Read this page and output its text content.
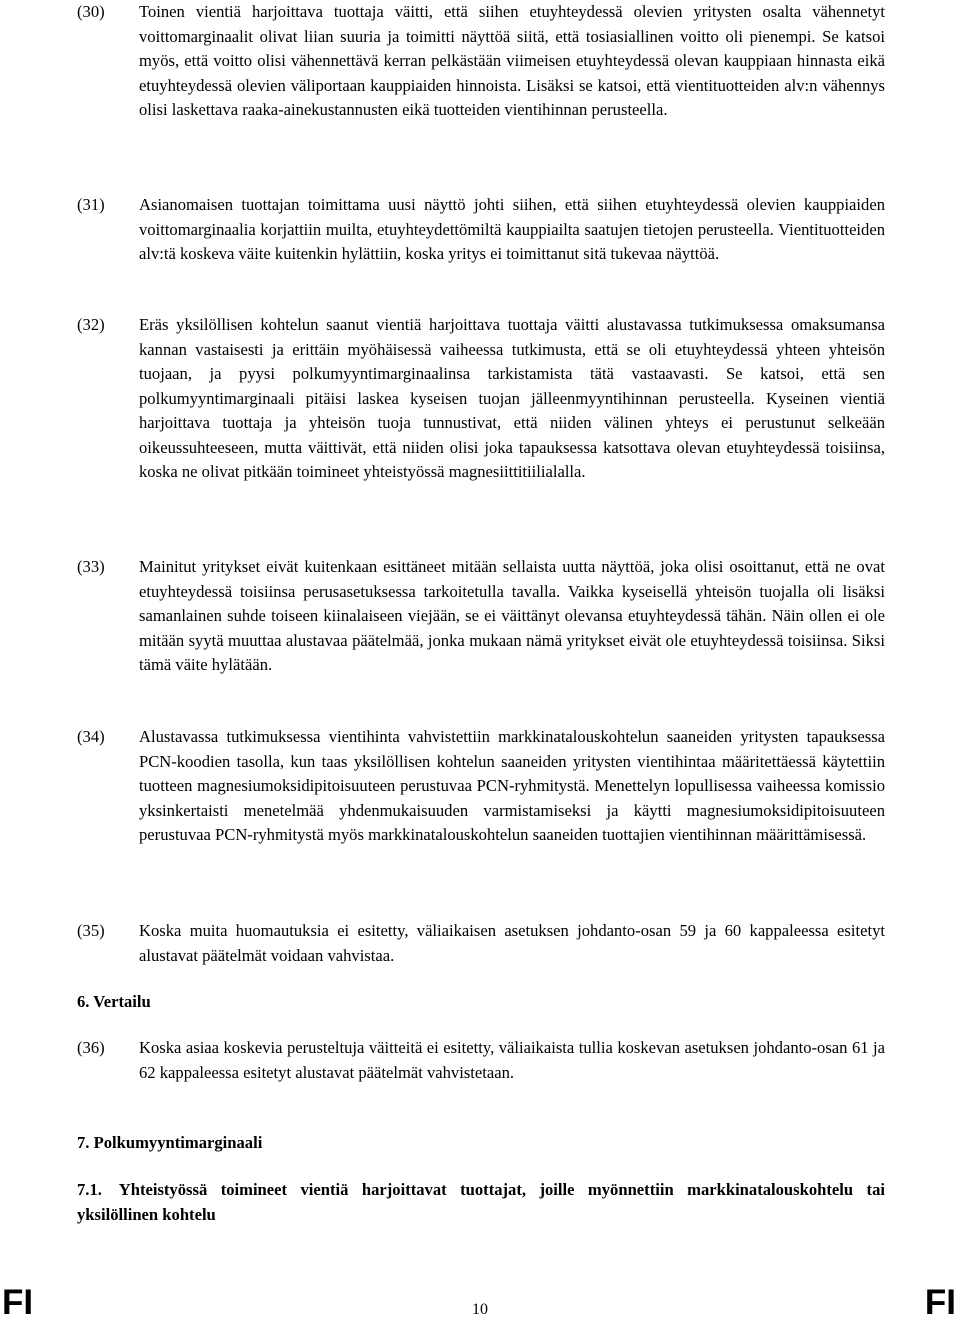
(30)	Toinen vientiä harjoittava tuottaja väitti, että siihen etuyhteydessä olevien yritysten osalta vähennetyt voittomarginaalit olivat liian suuria ja toimitti näyttöä siitä, että tosiasiallinen voitto oli pienempi. Se katsoi myös, että voitto olisi vähennettävä kerran pelkästään viimeisen etuyhteydessä olevan kauppiaan hinnasta eikä etuyhteydessä olevien väliportaan kauppiaiden hinnoista. Lisäksi se katsoi, että vientituotteiden alv:n vähennys olisi laskettava raaka-ainekustannusten eikä tuotteiden vientihinnan perusteella.
(31)	Asianomaisen tuottajan toimittama uusi näyttö johti siihen, että siihen etuyhteydessä olevien kauppiaiden voittomarginaalia korjattiin muilta, etuyhteydettömiltä kauppiailta saatujen tietojen perusteella. Vientituotteiden alv:tä koskeva väite kuitenkin hylättiin, koska yritys ei toimittanut sitä tukevaa näyttöä.
(32)	Eräs yksilöllisen kohtelun saanut vientiä harjoittava tuottaja väitti alustavassa tutkimuksessa omaksumansa kannan vastaisesti ja erittäin myöhäisessä vaiheessa tutkimusta, että se oli etuyhteydessä yhteen yhteisön tuojaan, ja pyysi polkumyyntimarginaalinsa tarkistamista tätä vastaavasti. Se katsoi, että sen polkumyyntimarginaali pitäisi laskea kyseisen tuojan jälleenmyyntihinnan perusteella. Kyseinen vientiä harjoittava tuottaja ja yhteisön tuoja tunnustivat, että niiden välinen yhteys ei perustunut selkeään oikeussuhteeseen, mutta väittivät, että niiden olisi joka tapauksessa katsottava olevan etuyhteydessä toisiinsa, koska ne olivat pitkään toimineet yhteistyössä magnesiittitiilialalla.
(33)	Mainitut yritykset eivät kuitenkaan esittäneet mitään sellaista uutta näyttöä, joka olisi osoittanut, että ne ovat etuyhteydessä toisiinsa perusasetuksessa tarkoitetulla tavalla. Vaikka kyseisellä yhteisön tuojalla oli lisäksi samanlainen suhde toiseen kiinalaiseen viejään, se ei väittänyt olevansa etuyhteydessä tähän. Näin ollen ei ole mitään syytä muuttaa alustavaa päätelmää, jonka mukaan nämä yritykset eivät ole etuyhteydessä toisiinsa. Siksi tämä väite hylätään.
(34)	Alustavassa tutkimuksessa vientihinta vahvistettiin markkinatalouskohtelun saaneiden yritysten tapauksessa PCN-koodien tasolla, kun taas yksilöllisen kohtelun saaneiden yritysten vientihintaa määritettäessä käytettiin tuotteen magnesiumoksidipitoisuuteen perustuvaa PCN-ryhmitystä. Menettelyn lopullisessa vaiheessa komissio yksinkertaisti menetelmää yhdenmukaisuuden varmistamiseksi ja käytti magnesiumoksidipitoisuuteen perustuvaa PCN-ryhmitystä myös markkinatalouskohtelun saaneiden tuottajien vientihinnan määrittämisessä.
(35)	Koska muita huomautuksia ei esitetty, väliaikaisen asetuksen johdanto-osan 59 ja 60 kappaleessa esitetyt alustavat päätelmät voidaan vahvistaa.
6. Vertailu
(36)	Koska asiaa koskevia perusteltuja väitteitä ei esitetty, väliaikaista tullia koskevan asetuksen johdanto-osan 61 ja 62 kappaleessa esitetyt alustavat päätelmät vahvistetaan.
7. Polkumyyntimarginaali
7.1. Yhteistyössä toimineet vientiä harjoittavat tuottajat, joille myönnettiin markkinatalouskohtelu tai yksilöllinen kohtelu
FI	10	FI
